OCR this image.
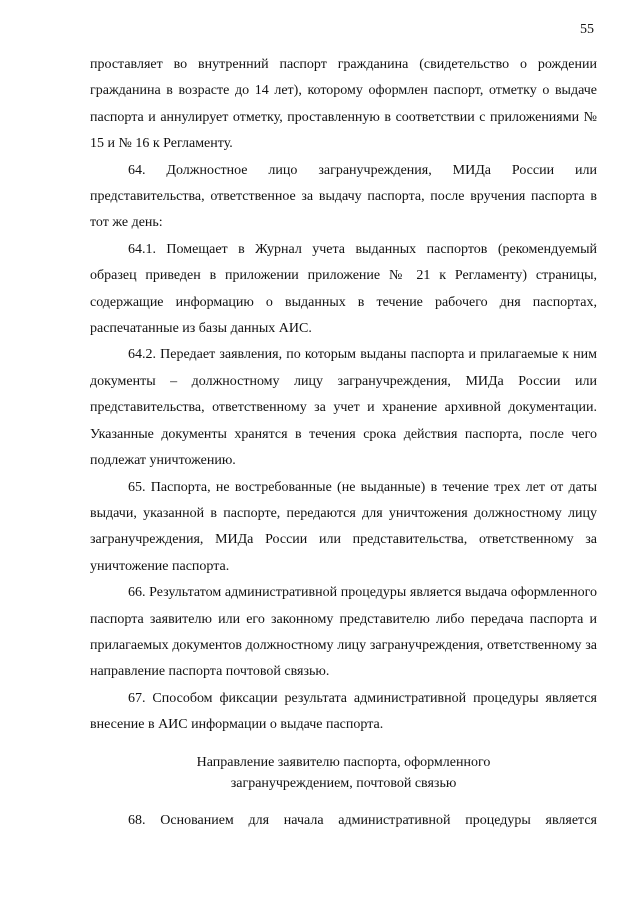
55

проставляет во внутренний паспорт гражданина (свидетельство о рождении гражданина в возрасте до 14 лет), которому оформлен паспорт, отметку о выдаче паспорта и аннулирует отметку, проставленную в соответствии с приложениями № 15 и № 16 к Регламенту.

64. Должностное лицо загранучреждения, МИДа России или представительства, ответственное за выдачу паспорта, после вручения паспорта в тот же день:

64.1. Помещает в Журнал учета выданных паспортов (рекомендуемый образец приведен в приложении приложение № 21 к Регламенту) страницы, содержащие информацию о выданных в течение рабочего дня паспортах, распечатанные из базы данных АИС.

64.2. Передает заявления, по которым выданы паспорта и прилагаемые к ним документы – должностному лицу загранучреждения, МИДа России или представительства, ответственному за учет и хранение архивной документации. Указанные документы хранятся в течения срока действия паспорта, после чего подлежат уничтожению.

65. Паспорта, не востребованные (не выданные) в течение трех лет от даты выдачи, указанной в паспорте, передаются для уничтожения должностному лицу загранучреждения, МИДа России или представительства, ответственному за уничтожение паспорта.

66. Результатом административной процедуры является выдача оформленного паспорта заявителю или его законному представителю либо передача паспорта и прилагаемых документов должностному лицу загранучреждения, ответственному за направление паспорта почтовой связью.

67. Способом фиксации результата административной процедуры является внесение в АИС информации о выдаче паспорта.

Направление заявителю паспорта, оформленного
загранучреждением, почтовой связью

68. Основанием для начала административной процедуры является
